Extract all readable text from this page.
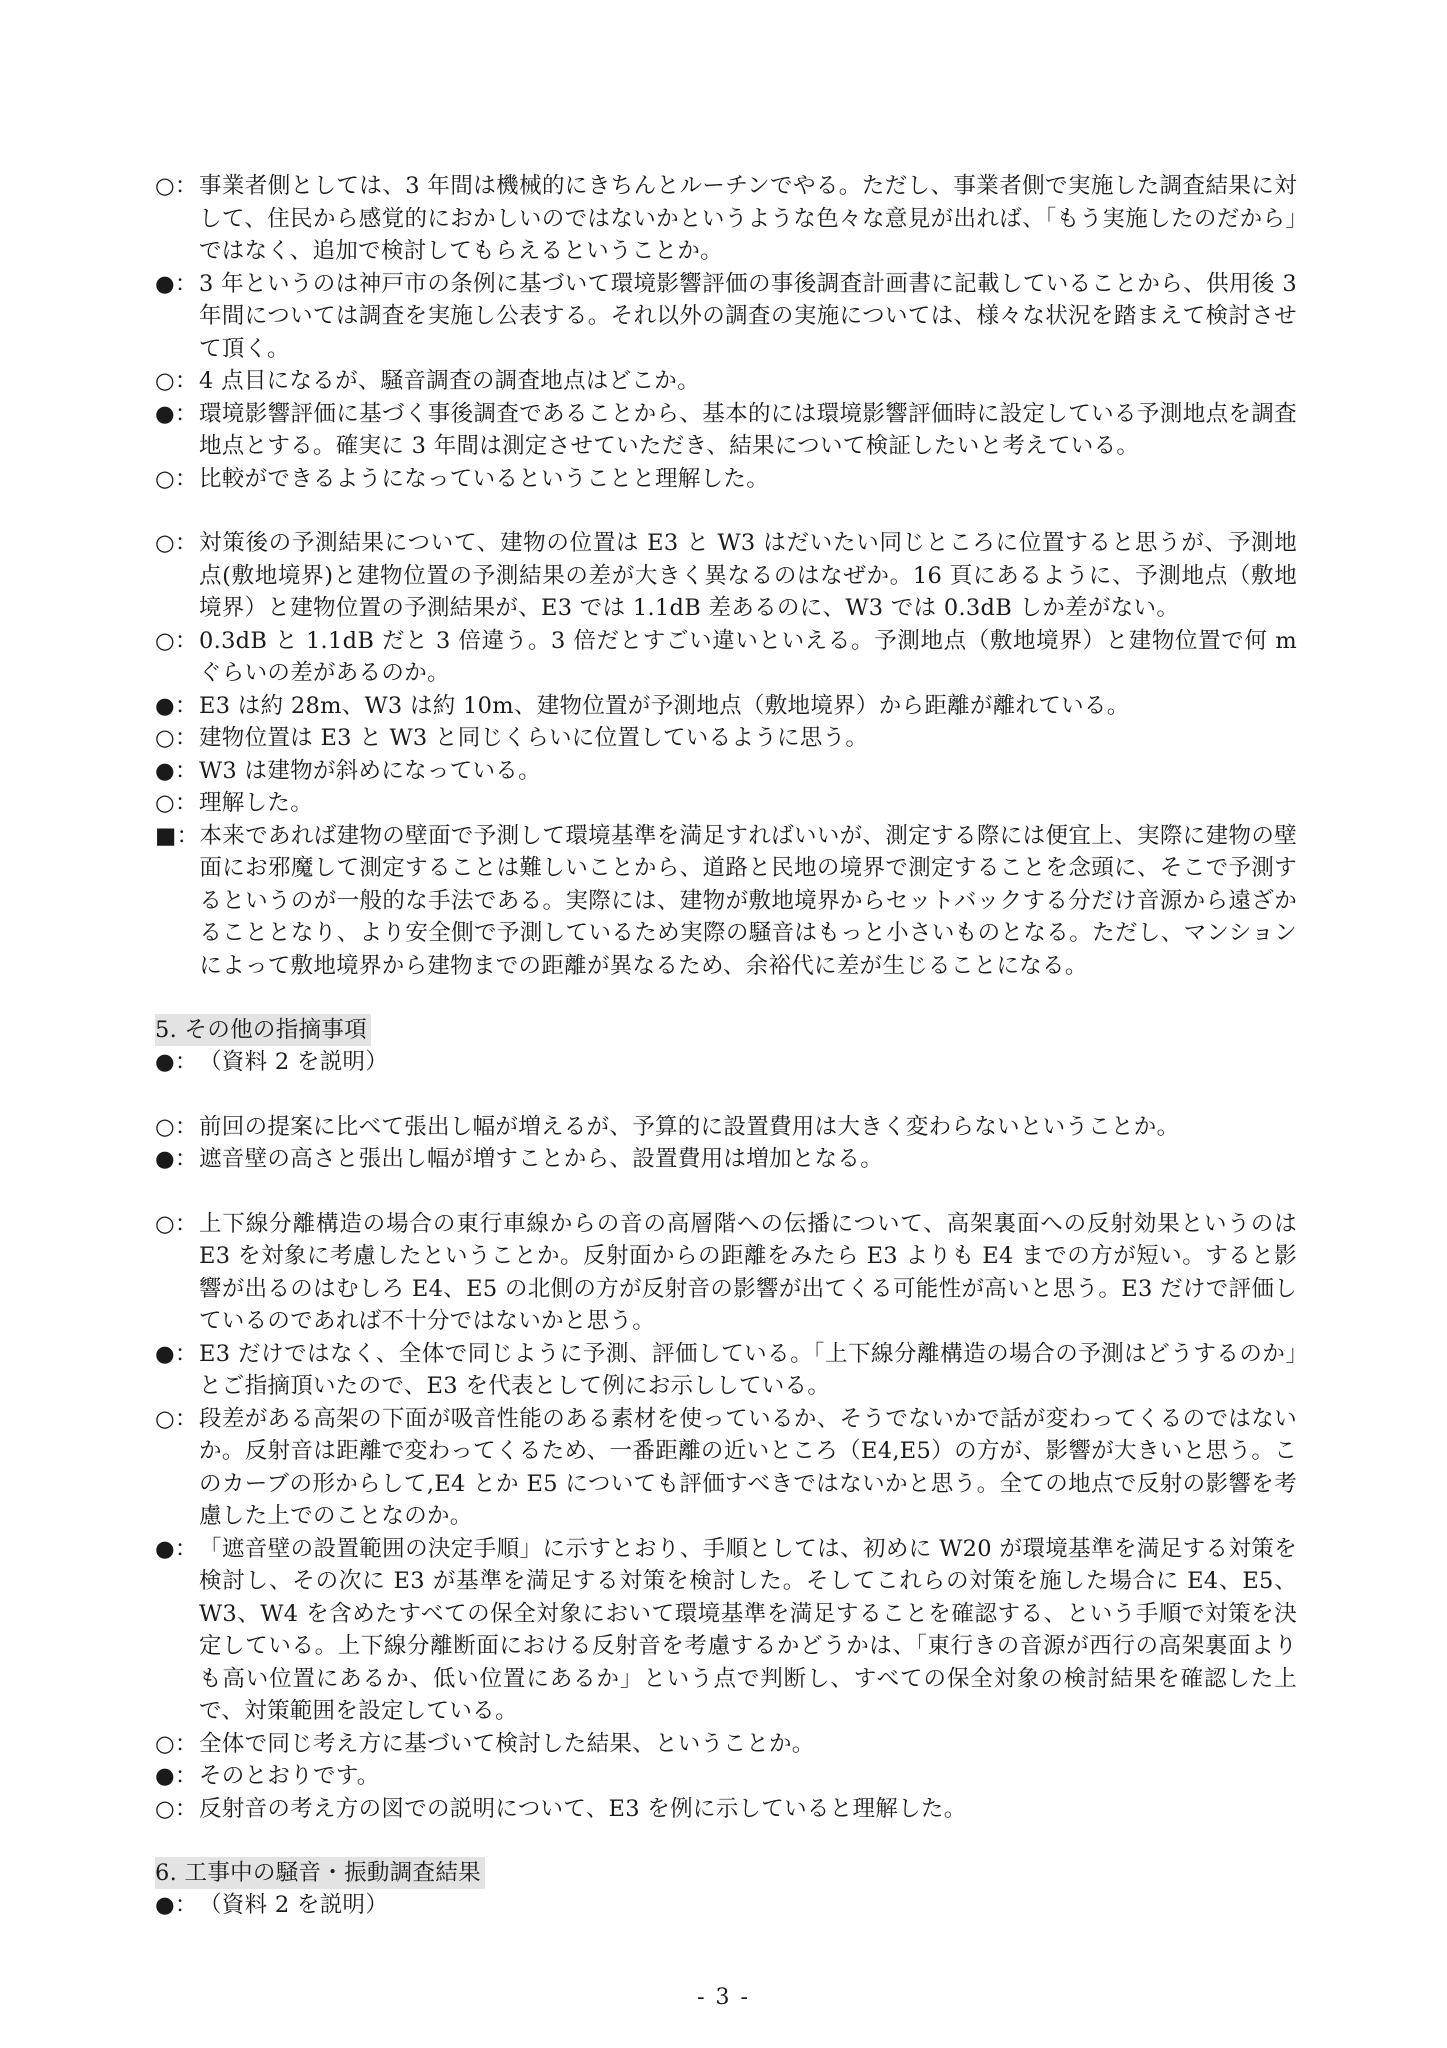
○： 事業者側としては、3 年間は機械的にきちんとルーチンでやる。ただし、事業者側で実施した調査結果に対して、住民から感覚的におかしいのではないかというような色々な意見が出れば、「もう実施したのだから」ではなく、追加で検討してもらえるということか。
●： 3 年というのは神戸市の条例に基づいて環境影響評価の事後調査計画書に記載していることから、供用後 3 年間については調査を実施し公表する。それ以外の調査の実施については、様々な状況を踏まえて検討させて頂く。
○： 4 点目になるが、騒音調査の調査地点はどこか。
●： 環境影響評価に基づく事後調査であることから、基本的には環境影響評価時に設定している予測地点を調査地点とする。確実に 3 年間は測定させていただき、結果について検証したいと考えている。
○： 比較ができるようになっているということと理解した。
○： 対策後の予測結果について、建物の位置は E3 と W3 はだいたい同じところに位置すると思うが、予測地点(敷地境界)と建物位置の予測結果の差が大きく異なるのはなぜか。16 頁にあるように、予測地点（敷地境界）と建物位置の予測結果が、E3 では 1.1dB 差あるのに、W3 では 0.3dB しか差がない。
○： 0.3dB と 1.1dB だと 3 倍違う。3 倍だとすごい違いといえる。予測地点（敷地境界）と建物位置で何 m ぐらいの差があるのか。
●： E3 は約 28m、W3 は約 10m、建物位置が予測地点（敷地境界）から距離が離れている。
○： 建物位置は E3 と W3 と同じくらいに位置しているように思う。
●： W3 は建物が斜めになっている。
○： 理解した。
■： 本来であれば建物の壁面で予測して環境基準を満足すればいいが、測定する際には便宜上、実際に建物の壁面にお邪魔して測定することは難しいことから、道路と民地の境界で測定することを念頭に、そこで予測するというのが一般的な手法である。実際には、建物が敷地境界からセットバックする分だけ音源から遠ざかることとなり、より安全側で予測しているため実際の騒音はもっと小さいものとなる。ただし、マンションによって敷地境界から建物までの距離が異なるため、余裕代に差が生じることになる。
5. その他の指摘事項
●： （資料 2 を説明）
○： 前回の提案に比べて張出し幅が増えるが、予算的に設置費用は大きく変わらないということか。
●： 遮音壁の高さと張出し幅が増すことから、設置費用は増加となる。
○： 上下線分離構造の場合の東行車線からの音の高層階への伝播について、高架裏面への反射効果というのは E3 を対象に考慮したということか。反射面からの距離をみたら E3 よりも E4 までの方が短い。すると影響が出るのはむしろ E4、E5 の北側の方が反射音の影響が出てくる可能性が高いと思う。E3 だけで評価しているのであれば不十分ではないかと思う。
●： E3 だけではなく、全体で同じように予測、評価している。「上下線分離構造の場合の予測はどうするのか」とご指摘頂いたので、E3 を代表として例にお示ししている。
○： 段差がある高架の下面が吸音性能のある素材を使っているか、そうでないかで話が変わってくるのではないか。反射音は距離で変わってくるため、一番距離の近いところ（E4,E5）の方が、影響が大きいと思う。このカーブの形からして,E4 とか E5 についても評価すべきではないかと思う。全ての地点で反射の影響を考慮した上でのことなのか。
●： 「遮音壁の設置範囲の決定手順」に示すとおり、手順としては、初めに W20 が環境基準を満足する対策を検討し、その次に E3 が基準を満足する対策を検討した。そしてこれらの対策を施した場合に E4、E5、W3、W4 を含めたすべての保全対象において環境基準を満足することを確認する、という手順で対策を決定している。上下線分離断面における反射音を考慮するかどうかは、「東行きの音源が西行の高架裏面よりも高い位置にあるか、低い位置にあるか」という点で判断し、すべての保全対象の検討結果を確認した上で、対策範囲を設定している。
○： 全体で同じ考え方に基づいて検討した結果、ということか。
●： そのとおりです。
○： 反射音の考え方の図での説明について、E3 を例に示していると理解した。
6. 工事中の騒音・振動調査結果
●： （資料 2 を説明）
- 3 -
